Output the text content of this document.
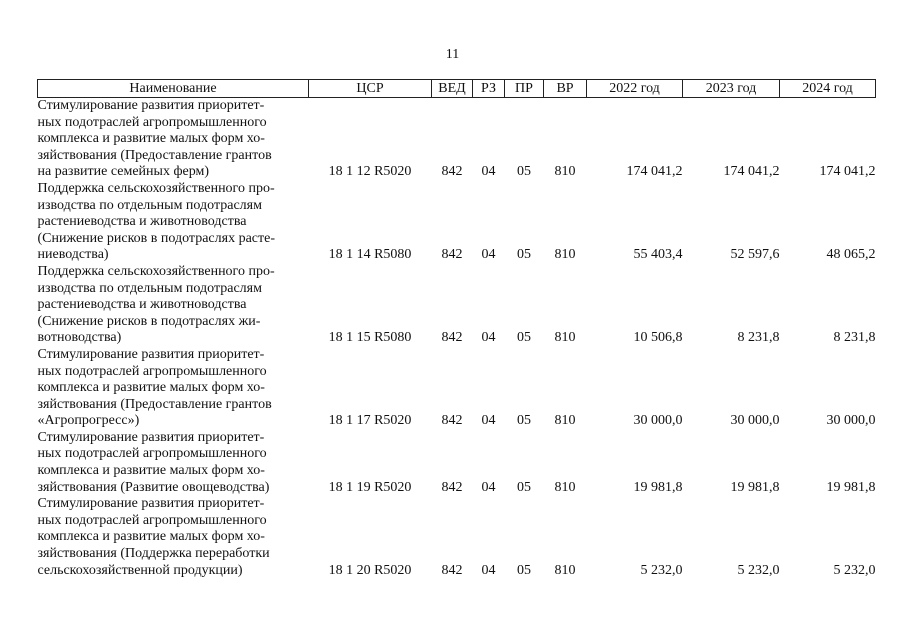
11
Наименование	ЦСР	ВЕД	РЗ	ПР	ВР	2022 год	2023 год	2024 год

Стимулирование развития приоритет-
ных подотраслей агропромышленного
комплекса и развитие малых форм хо-
зяйствования (Предоставление грантов
на развитие семейных ферм)	18 1 12 R5020	842	04	05	810	174 041,2	174 041,2	174 041,2

Поддержка сельскохозяйственного про-
изводства по отдельным подотраслям
растениеводства и животноводства
(Снижение рисков в подотраслях расте-
ниеводства)	18 1 14 R5080	842	04	05	810	55 403,4	52 597,6	48 065,2

Поддержка сельскохозяйственного про-
изводства по отдельным подотраслям
растениеводства и животноводства
(Снижение рисков в подотраслях жи-
вотноводства)	18 1 15 R5080	842	04	05	810	10 506,8	8 231,8	8 231,8

Стимулирование развития приоритет-
ных подотраслей агропромышленного
комплекса и развитие малых форм хо-
зяйствования (Предоставление грантов
«Агропрогресс»)	18 1 17 R5020	842	04	05	810	30 000,0	30 000,0	30 000,0

Стимулирование развития приоритет-
ных подотраслей агропромышленного
комплекса и развитие малых форм хо-
зяйствования (Развитие овощеводства)	18 1 19 R5020	842	04	05	810	19 981,8	19 981,8	19 981,8

Стимулирование развития приоритет-
ных подотраслей агропромышленного
комплекса и развитие малых форм хо-
зяйствования (Поддержка переработки
сельскохозяйственной продукции)	18 1 20 R5020	842	04	05	810	5 232,0	5 232,0	5 232,0
